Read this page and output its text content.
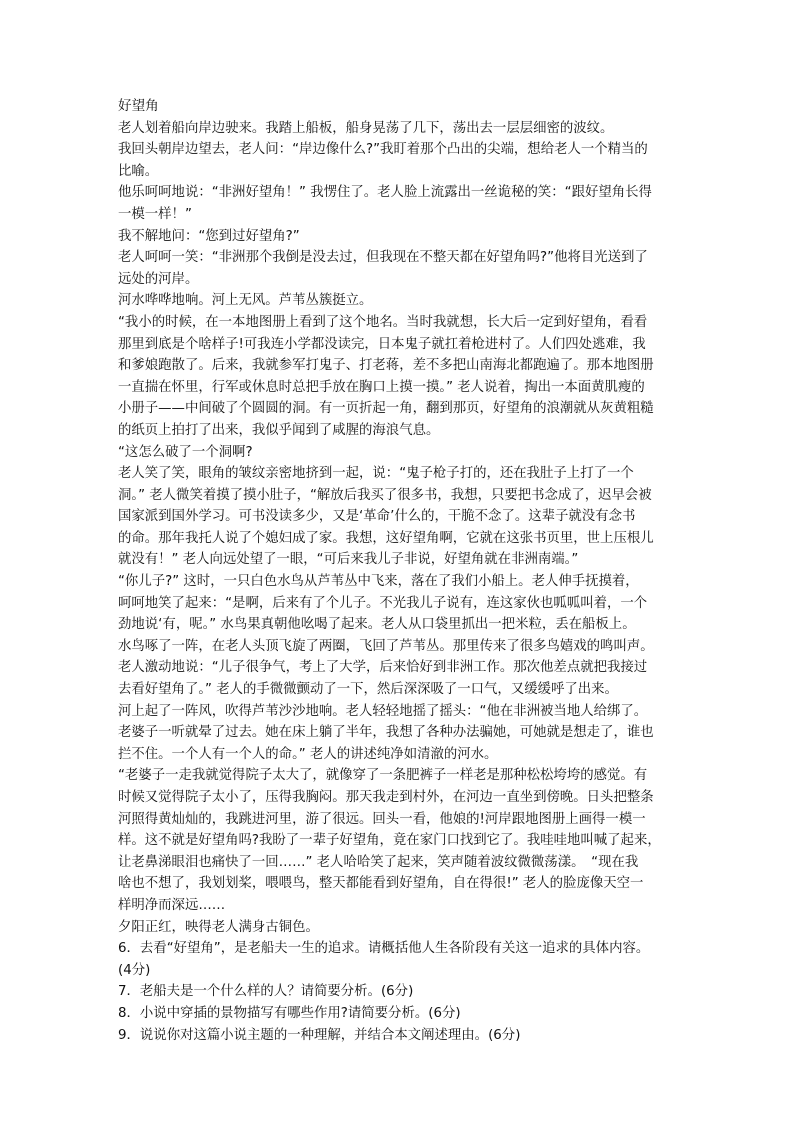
好望角
老人划着船向岸边驶来。我踏上船板，船身晃荡了几下，荡出去一层层细密的波纹。
我回头朝岸边望去，老人问：“岸边像什么?”我盯着那个凸出的尖端，想给老人一个精当的
比喻。
他乐呵呵地说：“非洲好望角！” 我愣住了。老人脸上流露出一丝诡秘的笑：“跟好望角长得
一模一样！”
我不解地问：“您到过好望角?”
老人呵呵一笑：“非洲那个我倒是没去过，但我现在不整天都在好望角吗?”他将目光送到了
远处的河岸。
河水哗哗地响。河上无风。芦苇丛簇挺立。
“我小的时候，在一本地图册上看到了这个地名。当时我就想，长大后一定到好望角，看看
那里到底是个啥样子!可我连小学都没读完，日本鬼子就扛着枪进村了。人们四处逃难，我
和爹娘跑散了。后来，我就参军打鬼子、打老蒋，差不多把山南海北都跑遍了。那本地图册
一直揣在怀里，行军或休息时总把手放在胸口上摸一摸。” 老人说着，掏出一本面黄肌瘦的
小册子——中间破了个圆圆的洞。有一页折起一角，翻到那页，好望角的浪潮就从灰黄粗糙
的纸页上拍打了出来，我似乎闻到了咸腥的海浪气息。
“这怎么破了一个洞啊?
老人笑了笑，眼角的皱纹亲密地挤到一起，说：“鬼子枪子打的，还在我肚子上打了一个
洞。” 老人微笑着摸了摸小肚子，“解放后我买了很多书，我想，只要把书念成了，迟早会被
国家派到国外学习。可书没读多少，又是‘革命’什么的，干脆不念了。这辈子就没有念书
的命。那年我托人说了个媳妇成了家。我想，这好望角啊，它就在这张书页里，世上压根儿
就没有！” 老人向远处望了一眼，“可后来我儿子非说，好望角就在非洲南端。”
“你儿子?” 这时，一只白色水鸟从芦苇丛中飞来，落在了我们小船上。老人伸手抚摸着，
呵呵地笑了起来：“是啊，后来有了个儿子。不光我儿子说有，连这家伙也呱呱叫着，一个
劲地说‘有，呢。” 水鸟果真朝他吆喝了起来。老人从口袋里抓出一把米粒，丢在船板上。
水鸟啄了一阵，在老人头顶飞旋了两圈，飞回了芦苇丛。那里传来了很多鸟嬉戏的鸣叫声。
老人激动地说：“儿子很争气，考上了大学，后来恰好到非洲工作。那次他差点就把我接过
去看好望角了。” 老人的手微微颤动了一下，然后深深吸了一口气，又缓缓呼了出来。
河上起了一阵风，吹得芦苇沙沙地响。老人轻轻地摇了摇头：“他在非洲被当地人给绑了。
老婆子一听就晕了过去。她在床上躺了半年，我想了各种办法骗她，可她就是想走了，谁也
拦不住。一个人有一个人的命。” 老人的讲述纯净如清澈的河水。
“老婆子一走我就觉得院子太大了，就像穿了一条肥裤子一样老是那种松松垮垮的感觉。有
时候又觉得院子太小了，压得我胸闷。那天我走到村外，在河边一直坐到傍晚。日头把整条
河照得黄灿灿的，我跳进河里，游了很远。回头一看，他娘的!河岸跟地图册上画得一模一
样。这不就是好望角吗?我盼了一辈子好望角，竟在家门口找到它了。我哇哇地叫喊了起来，
让老鼻涕眼泪也痛快了一回……” 老人哈哈笑了起来，笑声随着波纹微微荡漾。　“现在我
啥也不想了，我划划桨，喂喂鸟，整天都能看到好望角，自在得很!” 老人的脸庞像天空一
样明净而深远……
夕阳正红，映得老人满身古铜色。
6．去看“好望角”，是老船夫一生的追求。请概括他人生各阶段有关这一追求的具体内容。
(4分)
7．老船夫是一个什么样的人？请简要分析。(6分)
8．小说中穿插的景物描写有哪些作用?请简要分析。(6分)
9．说说你对这篇小说主题的一种理解，并结合本文阐述理由。(6分)
